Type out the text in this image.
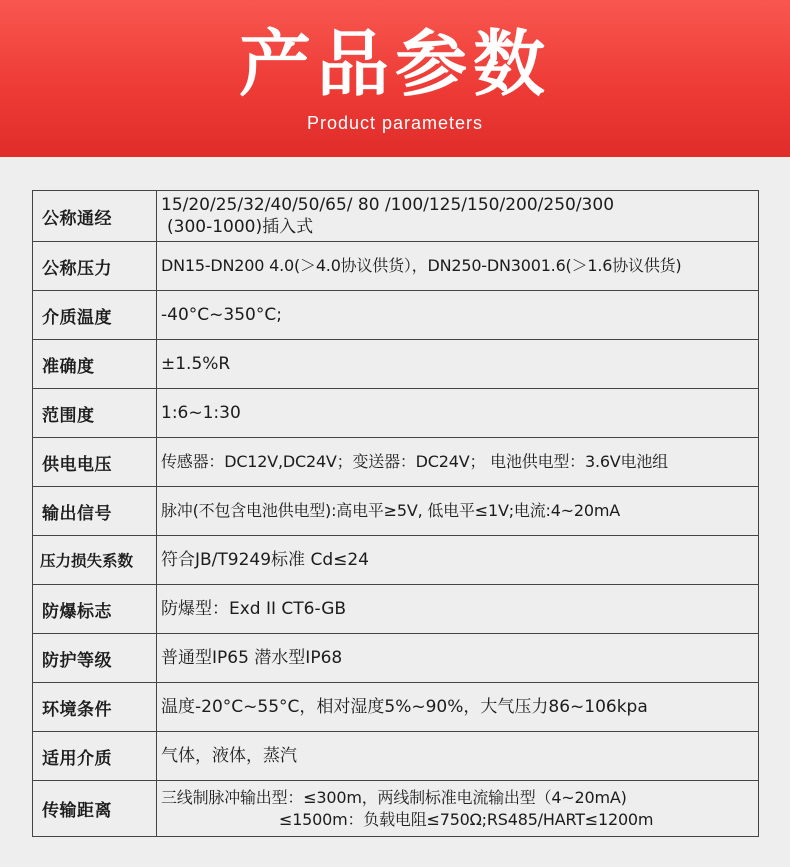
产品参数
Product parameters
公称通经	15/20/25/32/40/50/65/ 80 /100/125/150/200/250/300
(300-1000)插入式

公称压力	DN15-DN200 4.0(＞4.0协议供货），DN250-DN3001.6(＞1.6协议供货)
介质温度	-40°C~350°C;
准确度	±1.5%R
范围度	1:6~1:30
供电电压	传感器：DC12V,DC24V；变送器：DC24V； 电池供电型：3.6V电池组
输出信号	脉冲(不包含电池供电型):高电平≥5V, 低电平≤1V;电流:4~20mA
压力损失系数	符合JB/T9249标准 Cd≤24
防爆标志	防爆型：Exd II CT6-GB
防护等级	普通型IP65 潜水型IP68
环境条件	温度-20°C~55°C，相对湿度5%~90%，大气压力86~106kpa
适用介质	气体，液体，蒸汽
传输距离	三线制脉冲输出型：≤300m，两线制标准电流输出型（4~20mA)
≤1500m：负载电阻≤750Ω;RS485/HART≤1200m
